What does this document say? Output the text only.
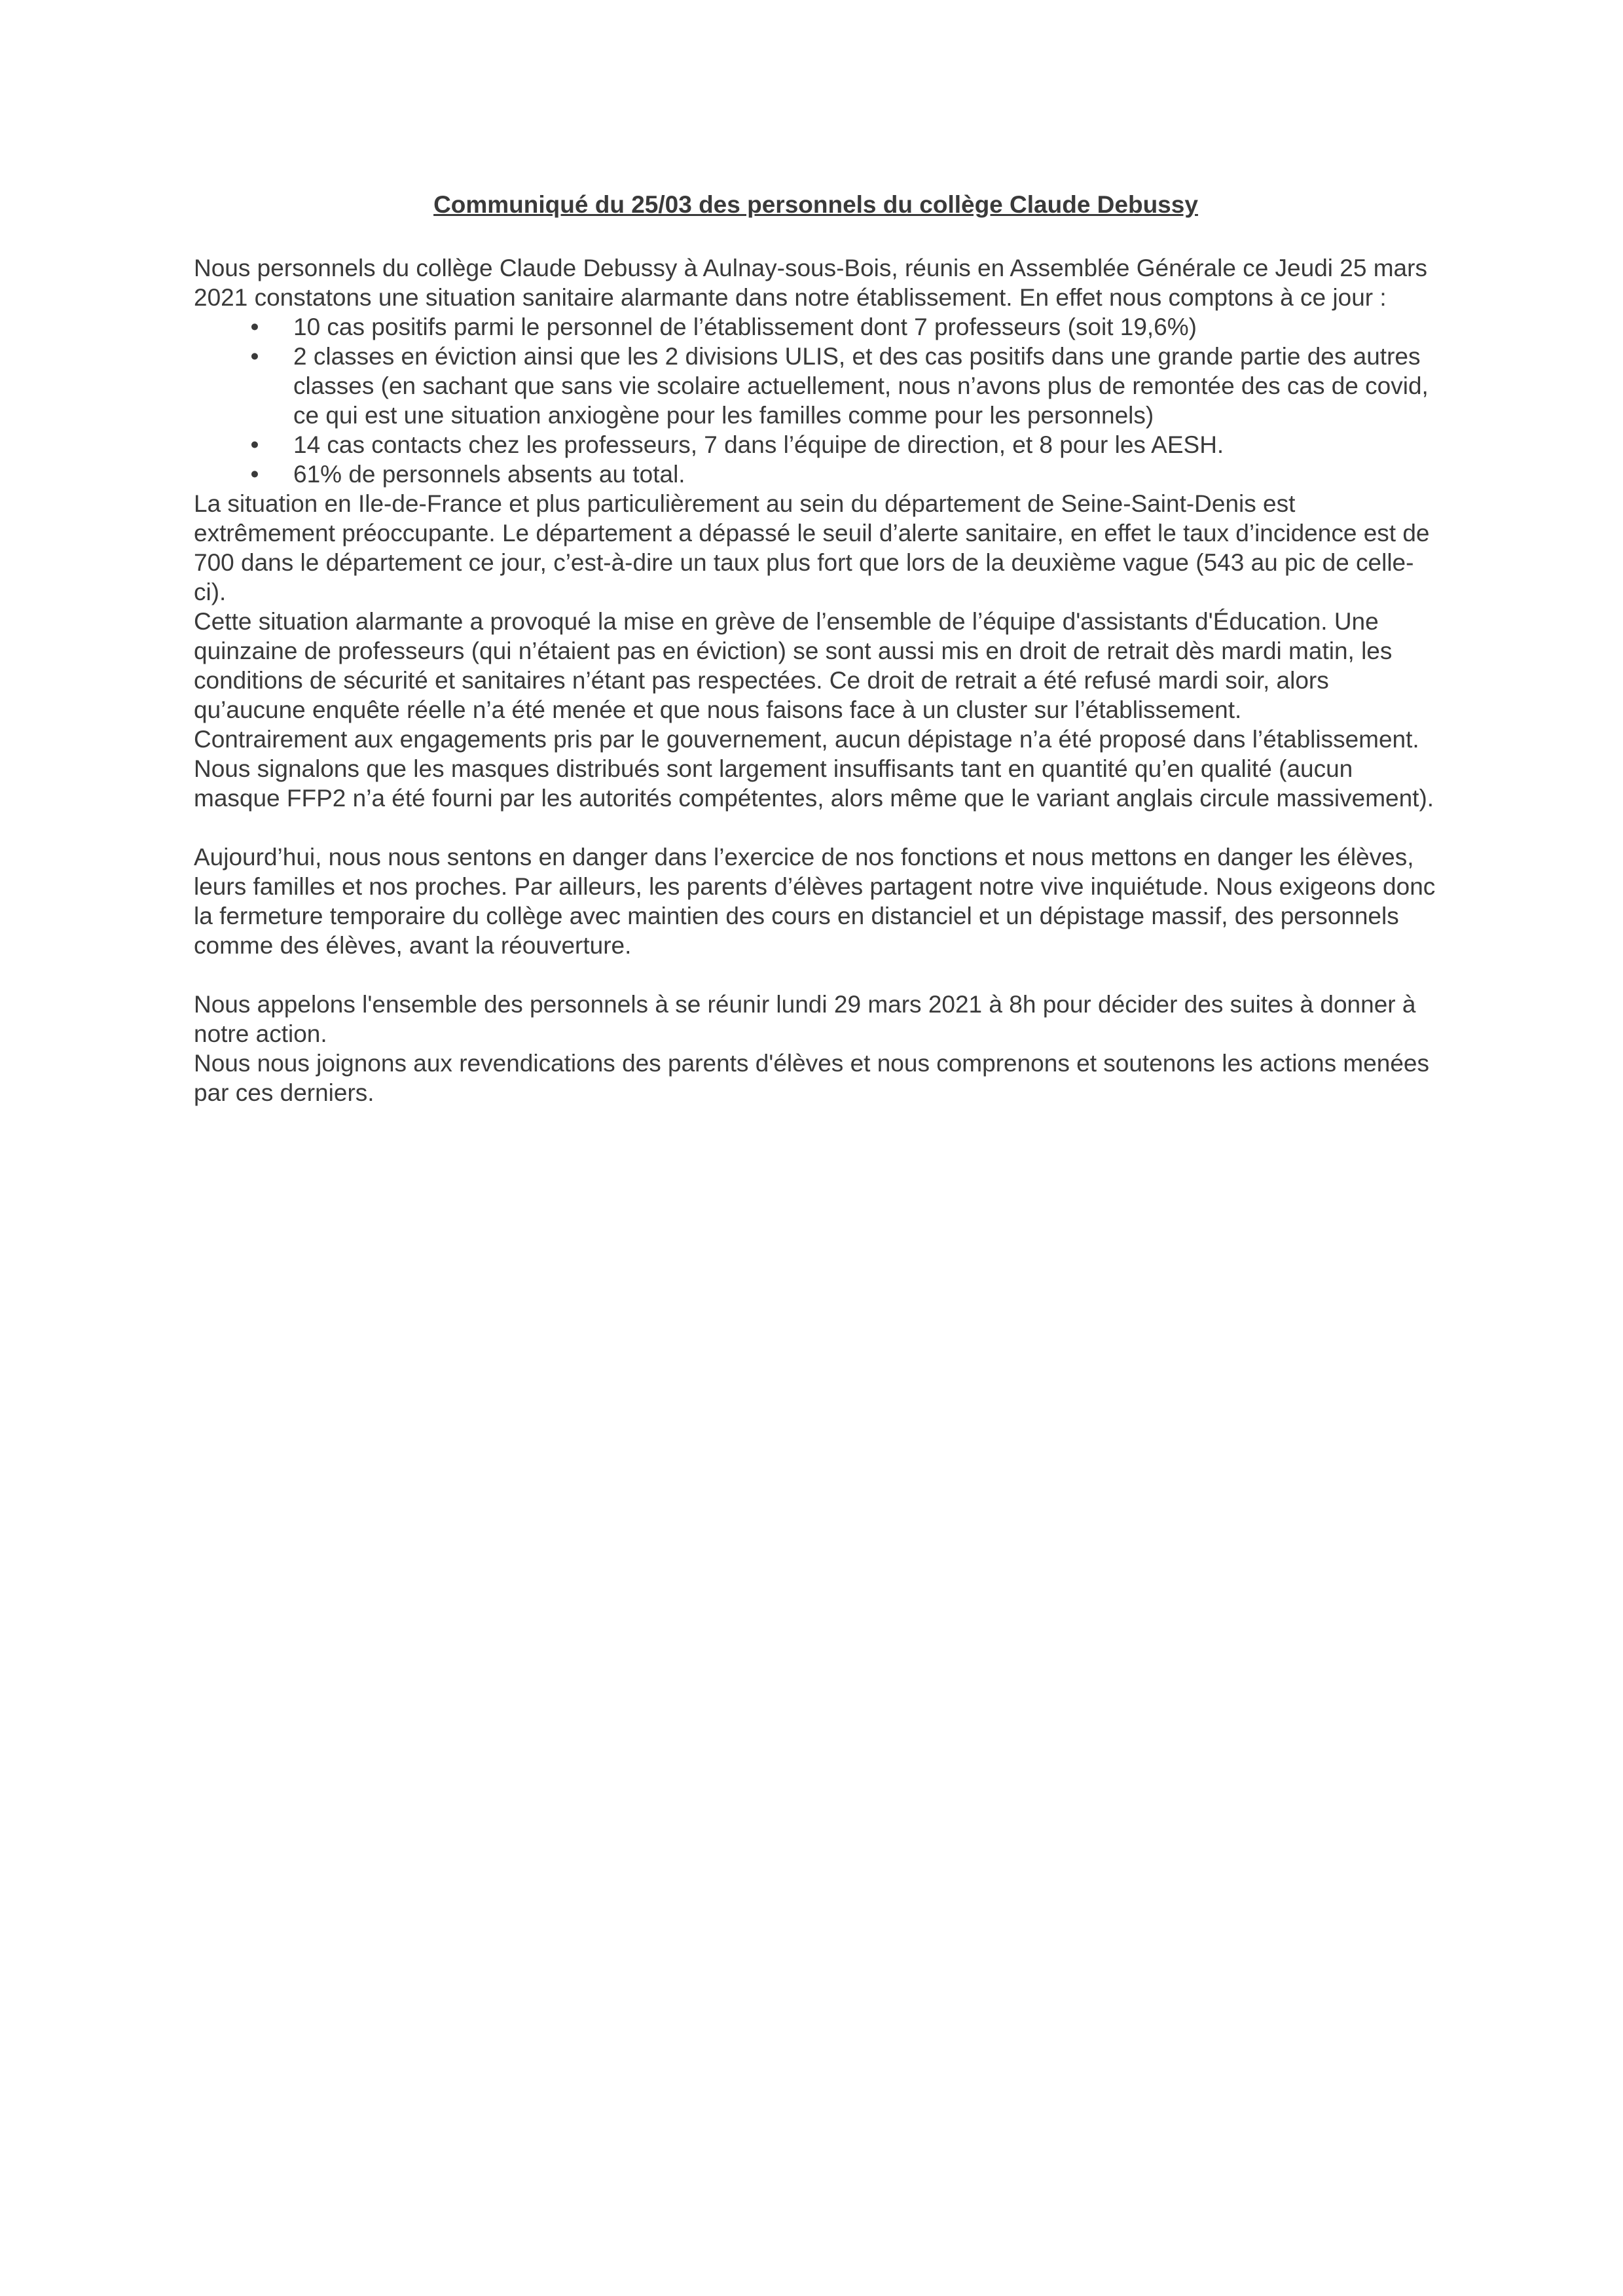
Communiqué du 25/03 des personnels du collège Claude Debussy

Nous personnels du collège Claude Debussy à Aulnay-sous-Bois, réunis en Assemblée Générale ce Jeudi 25 mars 2021 constatons une situation sanitaire alarmante dans notre établissement. En effet nous comptons à ce jour :

• 10 cas positifs parmi le personnel de l’établissement dont 7 professeurs (soit 19,6%)
• 2 classes en éviction ainsi que les 2 divisions ULIS, et des cas positifs dans une grande partie des autres classes (en sachant que sans vie scolaire actuellement, nous n’avons plus de remontée des cas de covid, ce qui est une situation anxiogène pour les familles comme pour les personnels)
• 14 cas contacts chez les professeurs, 7 dans l’équipe de direction, et 8 pour les AESH.
• 61% de personnels absents au total.

La situation en Ile-de-France et plus particulièrement au sein du département de Seine-Saint-Denis est extrêmement préoccupante. Le département a dépassé le seuil d’alerte sanitaire, en effet le taux d’incidence est de 700 dans le département ce jour, c’est-à-dire un taux plus fort que lors de la deuxième vague (543 au pic de celle-ci).

Cette situation alarmante a provoqué la mise en grève de l’ensemble de l’équipe d'assistants d'Éducation. Une quinzaine de professeurs (qui n’étaient pas en éviction) se sont aussi mis en droit de retrait dès mardi matin, les conditions de sécurité et sanitaires n’étant pas respectées. Ce droit de retrait a été refusé mardi soir, alors qu’aucune enquête réelle n’a été menée et que nous faisons face à un cluster sur l’établissement.

Contrairement aux engagements pris par le gouvernement, aucun dépistage n’a été proposé dans l’établissement. Nous signalons que les masques distribués sont largement insuffisants tant en quantité qu’en qualité (aucun masque FFP2 n’a été fourni par les autorités compétentes, alors même que le variant anglais circule massivement).

Aujourd’hui, nous nous sentons en danger dans l’exercice de nos fonctions et nous mettons en danger les élèves, leurs familles et nos proches. Par ailleurs, les parents d’élèves partagent notre vive inquiétude. Nous exigeons donc la fermeture temporaire du collège avec maintien des cours en distanciel et un dépistage massif, des personnels comme des élèves, avant la réouverture.

Nous appelons l'ensemble des personnels à se réunir lundi 29 mars 2021 à 8h pour décider des suites à donner à notre action.

Nous nous joignons aux revendications des parents d'élèves et nous comprenons et soutenons les actions menées par ces derniers.
